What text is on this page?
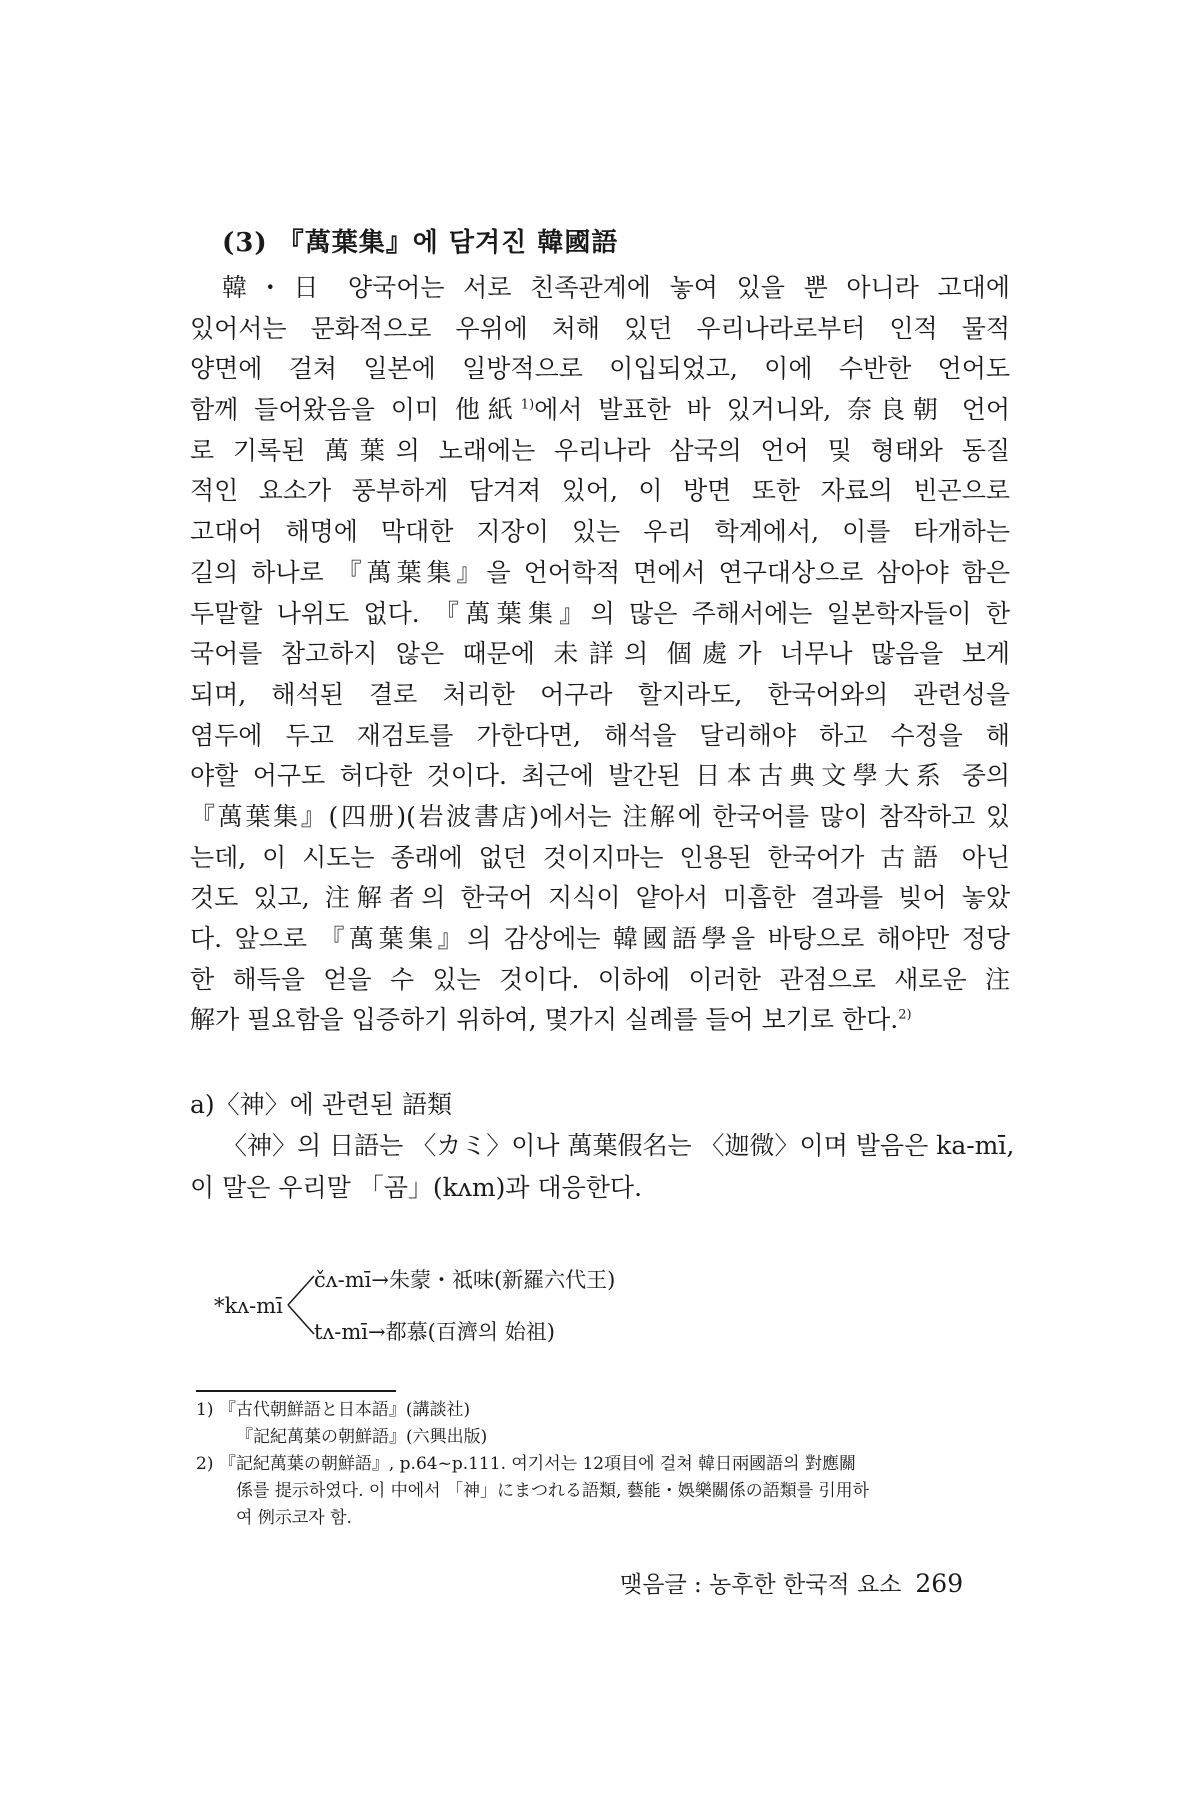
(3) 『萬葉集』에 담겨진 韓國語
韓・日 양국어는 서로 친족관계에 놓여 있을 뿐 아니라 고대에
있어서는 문화적으로 우위에 처해 있던 우리나라로부터 인적 물적
양면에 걸쳐 일본에 일방적으로 이입되었고, 이에 수반한 언어도
함께 들어왔음을 이미 他紙$^{1)}$에서 발표한 바 있거니와, 奈良朝 언어
로 기록된 萬葉의 노래에는 우리나라 삼국의 언어 및 형태와 동질
적인 요소가 풍부하게 담겨져 있어, 이 방면 또한 자료의 빈곤으로
고대어 해명에 막대한 지장이 있는 우리 학계에서, 이를 타개하는
길의 하나로 『萬葉集』을 언어학적 면에서 연구대상으로 삼아야 함은
두말할 나위도 없다. 『萬葉集』의 많은 주해서에는 일본학자들이 한
국어를 참고하지 않은 때문에 未詳의 個處가 너무나 많음을 보게
되며, 해석된 결로 처리한 어구라 할지라도, 한국어와의 관련성을
염두에 두고 재검토를 가한다면, 해석을 달리해야 하고 수정을 해
야할 어구도 허다한 것이다. 최근에 발간된 日本古典文學大系 중의
『萬葉集』(四册)(岩波書店)에서는 注解에 한국어를 많이 참작하고 있
는데, 이 시도는 종래에 없던 것이지마는 인용된 한국어가 古語 아닌
것도 있고, 注解者의 한국어 지식이 얕아서 미흡한 결과를 빚어 놓았
다. 앞으로 『萬葉集』의 감상에는 韓國語學을 바탕으로 해야만 정당
한 해득을 얻을 수 있는 것이다. 이하에 이러한 관점으로 새로운 注
解가 필요함을 입증하기 위하여, 몇가지 실례를 들어 보기로 한다.$^{2)}$
a)〈神〉에 관련된 語類
〈神〉의 日語는 〈カミ〉이나 萬葉假名는 〈迦微〉이며 발음은 ka-mī,
이 말은 우리말 「곰」(kʌm)과 대응한다.
*kʌ-mī
čʌ-mī→朱蒙・祗味(新羅六代王)
tʌ-mī→都慕(百濟의 始祖)
1) 『古代朝鮮語と日本語』(講談社)
『記紀萬葉の朝鮮語』(六興出版)
2) 『記紀萬葉の朝鮮語』, p.64~p.111. 여기서는 12項目에 걸쳐 韓日兩國語의 對應關
係를 提示하였다. 이 中에서 「神」にまつれる語類, 藝能・娛樂關係の語類를 引用하
여 例示코자 함.
맺음글 : 농후한 한국적 요소 269
